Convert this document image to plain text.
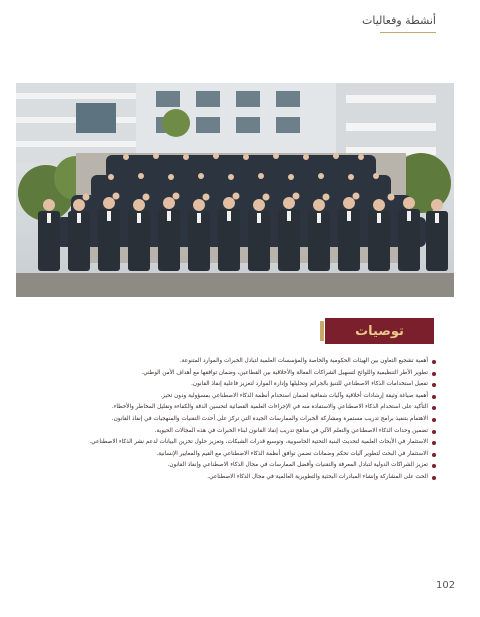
أنشطة وفعاليات
توصيات
أهمية تشجيع التعاون بين الهيئات الحكومية والخاصة والمؤسسات العلمية لتبادل الخبرات والموارد المتنوعة.
تطوير الأطر التنظيمية واللوائح لتسهيل الشراكات الفعالة والأخلاقية بين القطاعين، وضمان توافقها مع أهداف الأمن الوطني.
تفعيل استخدامات الذكاء الاصطناعي للتنبؤ بالجرائم وتحليلها وإدارة الموارد لتعزيز فاعلية إنفاذ القانون.
أهمية صياغة وثيقة إرشادات أخلاقية وآليات شفافية لضمان استخدام أنظمة الذكاء الاصطناعي بمسؤولية ودون تحيز.
التأكيد على استخدام الذكاء الاصطناعي والاستفادة منه في الإجراءات العلمية القضائية لتحسين الدقة والكفاءة وتقليل المخاطر والأخطاء.
الاهتمام بتنفيذ برامج تدريب مستمرة ومشاركة الخبرات والممارسات الجيدة التي تركز على أحدث التقنيات والمنهجيات في إنفاذ القانون.
تضمين وحدات الذكاء الاصطناعي والتعلم الآلي في مناهج تدريب إنفاذ القانون لبناء الخبرات في هذه المجالات الحيوية.
الاستثمار في الأبحاث العلمية لتحديث البنية التحتية الحاسوبية، وتوسيع قدرات الشبكات، وتعزيز حلول تخزين البيانات لدعم نشر الذكاء الاصطناعي.
الاستثمار في البحث لتطوير آليات تحكم وضمانات تضمن توافق أنظمة الذكاء الاصطناعي مع القيم والمعايير الإنسانية.
تعزيز الشراكات الدولية لتبادل المعرفة والتقنيات وأفضل الممارسات في مجال الذكاء الاصطناعي وإنفاذ القانون.
الحث على المشاركة وإنشاء المبادرات البحثية والتطويرية العالمية في مجال الذكاء الاصطناعي.
102
